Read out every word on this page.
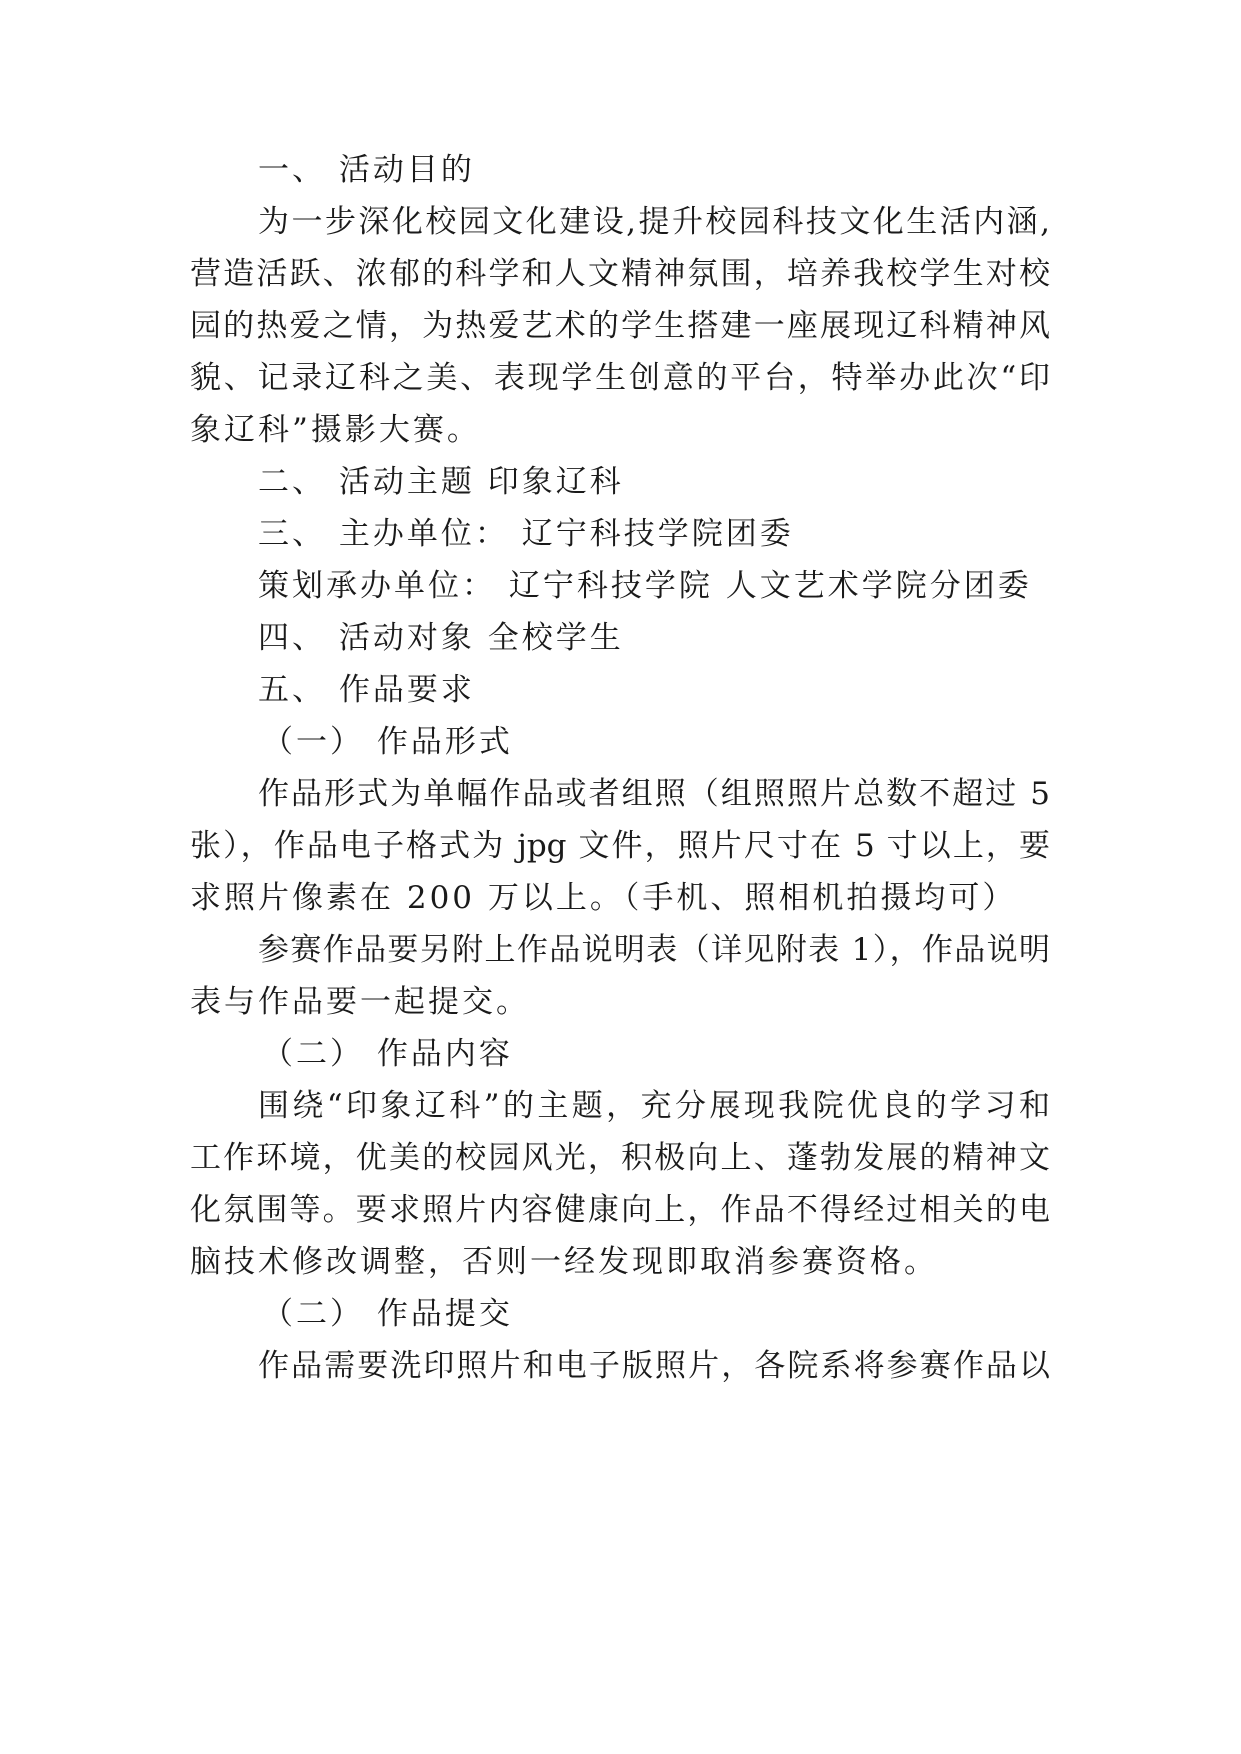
一、 活动目的
为一步深化校园文化建设,提升校园科技文化生活内涵,
营造活跃、浓郁的科学和人文精神氛围，培养我校学生对校
园的热爱之情，为热爱艺术的学生搭建一座展现辽科精神风
貌、记录辽科之美、表现学生创意的平台，特举办此次“印
象辽科”摄影大赛。
二、 活动主题 印象辽科
三、 主办单位： 辽宁科技学院团委
策划承办单位： 辽宁科技学院 人文艺术学院分团委
四、 活动对象 全校学生
五、 作品要求
（一） 作品形式
作品形式为单幅作品或者组照（组照照片总数不超过 5
张），作品电子格式为 jpg 文件，照片尺寸在 5 寸以上，要
求照片像素在 200 万以上。（手机、照相机拍摄均可）
参赛作品要另附上作品说明表（详见附表 1），作品说明
表与作品要一起提交。
（二） 作品内容
围绕“印象辽科”的主题，充分展现我院优良的学习和
工作环境，优美的校园风光，积极向上、蓬勃发展的精神文
化氛围等。要求照片内容健康向上，作品不得经过相关的电
脑技术修改调整，否则一经发现即取消参赛资格。
（二） 作品提交
作品需要洗印照片和电子版照片，各院系将参赛作品以
